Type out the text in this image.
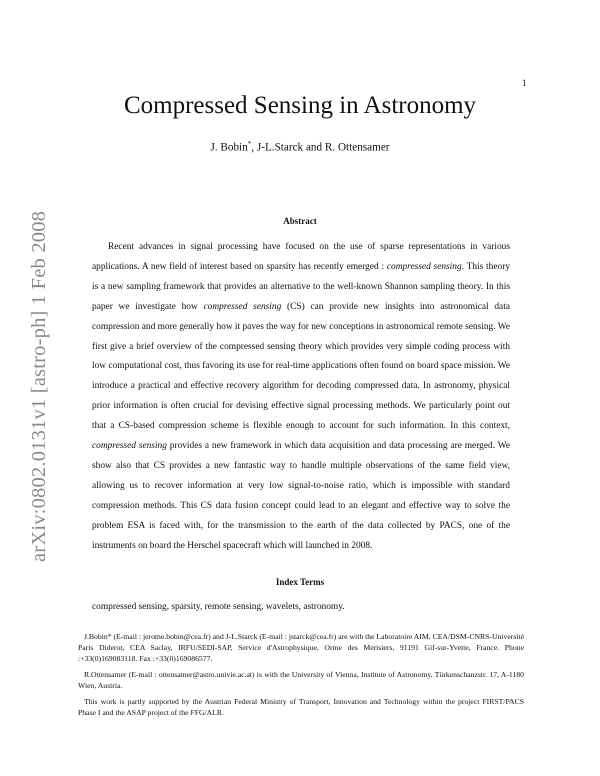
1
arXiv:0802.0131v1 [astro-ph] 1 Feb 2008
Compressed Sensing in Astronomy
J. Bobin*, J-L.Starck and R. Ottensamer
Abstract

Recent advances in signal processing have focused on the use of sparse representations in various applications. A new field of interest based on sparsity has recently emerged : compressed sensing. This theory is a new sampling framework that provides an alternative to the well-known Shannon sampling theory. In this paper we investigate how compressed sensing (CS) can provide new insights into astronomical data compression and more generally how it paves the way for new conceptions in astronomical remote sensing. We first give a brief overview of the compressed sensing theory which provides very simple coding process with low computational cost, thus favoring its use for real-time applications often found on board space mission. We introduce a practical and effective recovery algorithm for decoding compressed data. In astronomy, physical prior information is often crucial for devising effective signal processing methods. We particularly point out that a CS-based compression scheme is flexible enough to account for such information. In this context, compressed sensing provides a new framework in which data acquisition and data processing are merged. We show also that CS provides a new fantastic way to handle multiple observations of the same field view, allowing us to recover information at very low signal-to-noise ratio, which is impossible with standard compression methods. This CS data fusion concept could lead to an elegant and effective way to solve the problem ESA is faced with, for the transmission to the earth of the data collected by PACS, one of the instruments on board the Herschel spacecraft which will launched in 2008.

Index Terms

compressed sensing, sparsity, remote sensing, wavelets, astronomy.

J.Bobin* (E-mail : jerome.bobin@cea.fr) and J-L.Starck (E-mail : jstarck@cea.fr) are with the Laboratoire AIM, CEA/DSM-CNRS-Université Paris Diderot, CEA Saclay, IRFU/SEDI-SAP, Service d'Astrophysique, Orme des Merisiers, 91191 Gif-sur-Yvette, France. Phone :+33(0)169083118. Fax :+33(0)169086577.

R.Ottensamer (E-mail : ottensamer@astro.univie.ac.at) is with the University of Vienna, Institute of Astronomy, Türkenschanzstr. 17, A-1180 Wien, Austria.

This work is partly supported by the Austrian Federal Ministry of Transport, Innovation and Technology within the project FIRST/PACS Phase I and the ASAP project of the FFG/ALR.
